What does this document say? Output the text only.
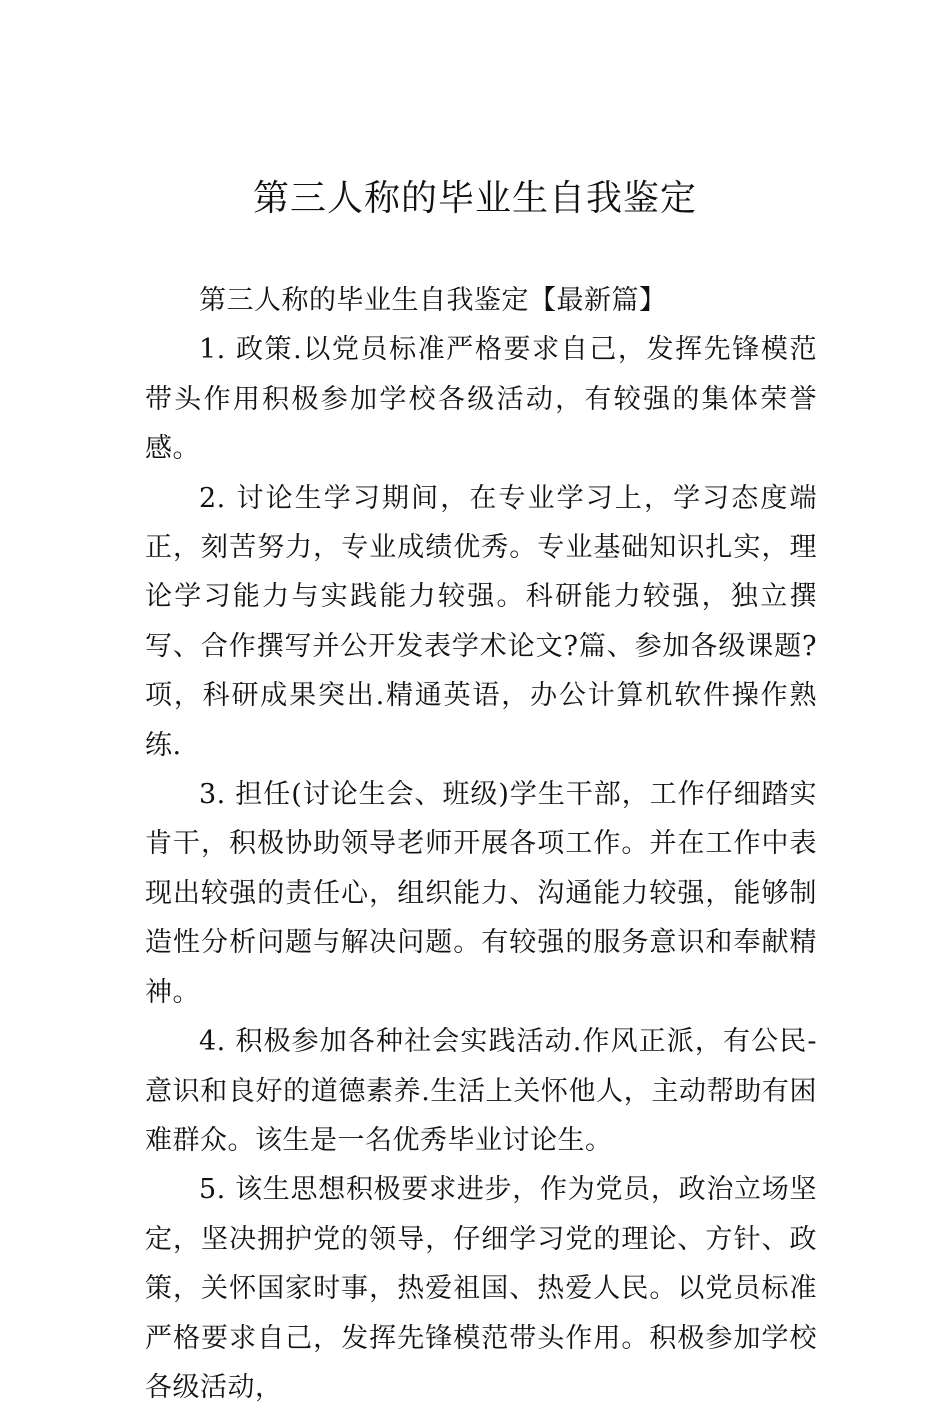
第三人称的毕业生自我鉴定

第三人称的毕业生自我鉴定【最新篇】

1. 政策.以党员标准严格要求自己，发挥先锋模范带头作用积极参加学校各级活动，有较强的集体荣誉感。

2. 讨论生学习期间，在专业学习上，学习态度端正，刻苦努力，专业成绩优秀。专业基础知识扎实，理论学习能力与实践能力较强。科研能力较强，独立撰写、合作撰写并公开发表学术论文?篇、参加各级课题?项，科研成果突出.精通英语，办公计算机软件操作熟练.

3. 担任(讨论生会、班级)学生干部，工作仔细踏实肯干，积极协助领导老师开展各项工作。并在工作中表现出较强的责任心，组织能力、沟通能力较强，能够制造性分析问题与解决问题。有较强的服务意识和奉献精神。

4. 积极参加各种社会实践活动.作风正派，有公民-意识和良好的道德素养.生活上关怀他人，主动帮助有困难群众。该生是一名优秀毕业讨论生。

5. 该生思想积极要求进步，作为党员，政治立场坚定，坚决拥护党的领导，仔细学习党的理论、方针、政策，关怀国家时事，热爱祖国、热爱人民。以党员标准严格要求自己，发挥先锋模范带头作用。积极参加学校各级活动，
